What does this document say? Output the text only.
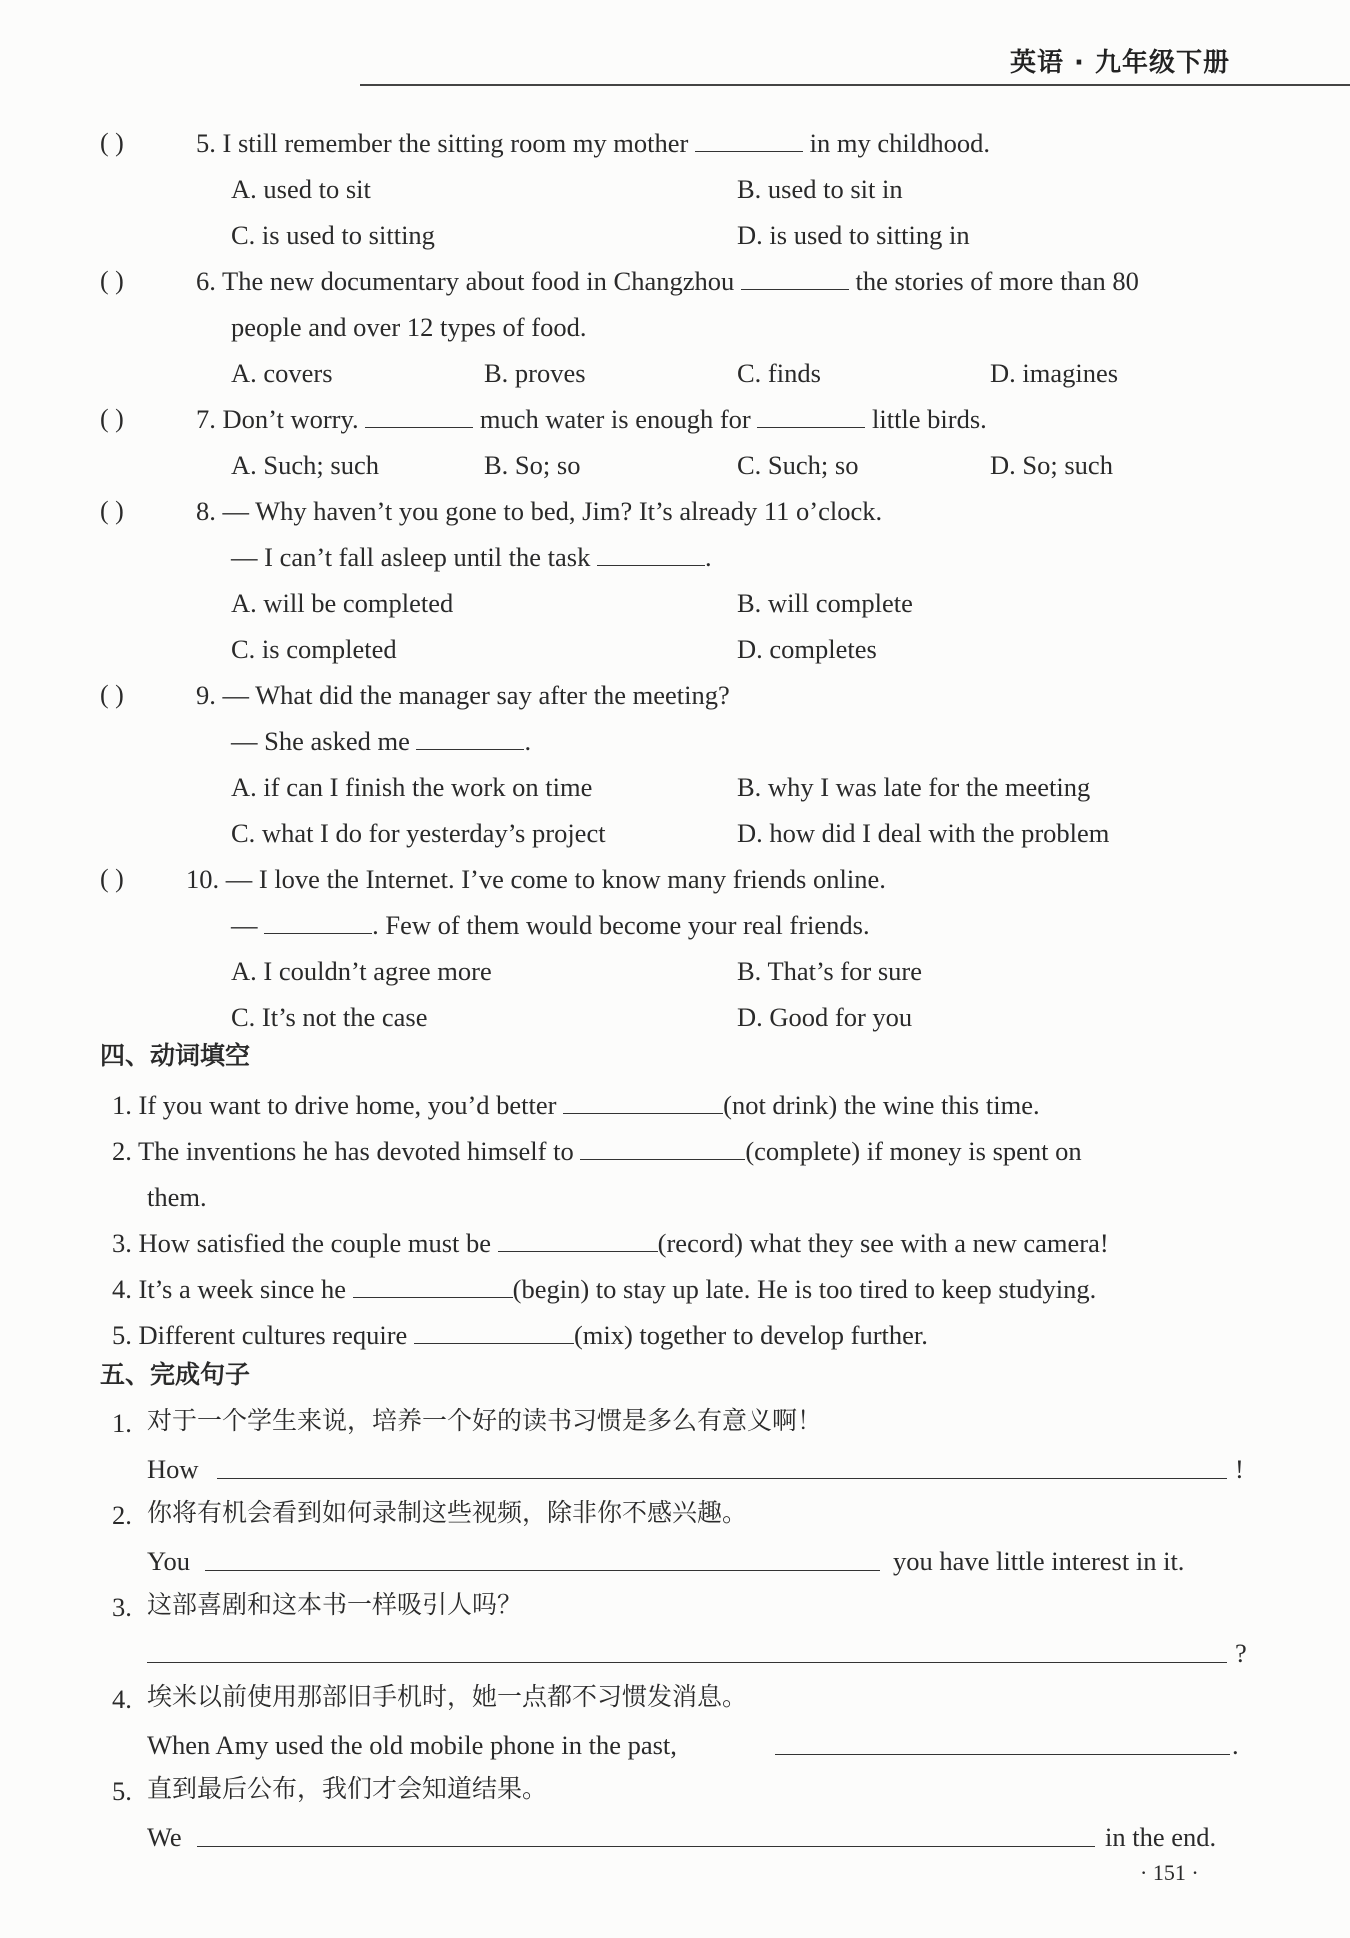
英语 · 九年级下册
( )	5. I still remember the sitting room my mother	in my childhood.
A. used to sit	B. used to sit in
C. is used to sitting	D. is used to sitting in
( )	6. The new documentary about food in Changzhou	the stories of more than 80
people and over 12 types of food.
A. covers	B. proves	C. finds	D. imagines
( )	7. Don’t worry.	much water is enough for	little birds.
A. Such; such	B. So; so	C. Such; so	D. So; such
( )	8. — Why haven’t you gone to bed, Jim? It’s already 11 o’clock.
— I can’t fall asleep until the task	.
A. will be completed	B. will complete
C. is completed	D. completes
( )	9. — What did the manager say after the meeting?
— She asked me	.
A. if can I finish the work on time	B. why I was late for the meeting
C. what I do for yesterday’s project	D. how did I deal with the problem
( ) 10. — I love the Internet. I’ve come to know many friends online.
—	. Few of them would become your real friends.
A. I couldn’t agree more	B. That’s for sure
C. It’s not the case	D. Good for you
四、动词填空
1. If you want to drive home, you’d better	(not drink) the wine this time.
2. The inventions he has devoted himself to	(complete) if money is spent on
them.
3. How satisfied the couple must be	(record) what they see with a new camera!
4. It’s a week since he	(begin) to stay up late. He is too tired to keep studying.
5. Different cultures require	(mix) together to develop further.
五、完成句子
1. 对于一个学生来说，培养一个好的读书习惯是多么有意义啊！
How	!
2. 你将有机会看到如何录制这些视频，除非你不感兴趣。
You	you have little interest in it.
3. 这部喜剧和这本书一样吸引人吗？
?
4. 埃米以前使用那部旧手机时，她一点都不习惯发消息。
When Amy used the old mobile phone in the past,	.
5. 直到最后公布，我们才会知道结果。
We	in the end.
· 151 ·
